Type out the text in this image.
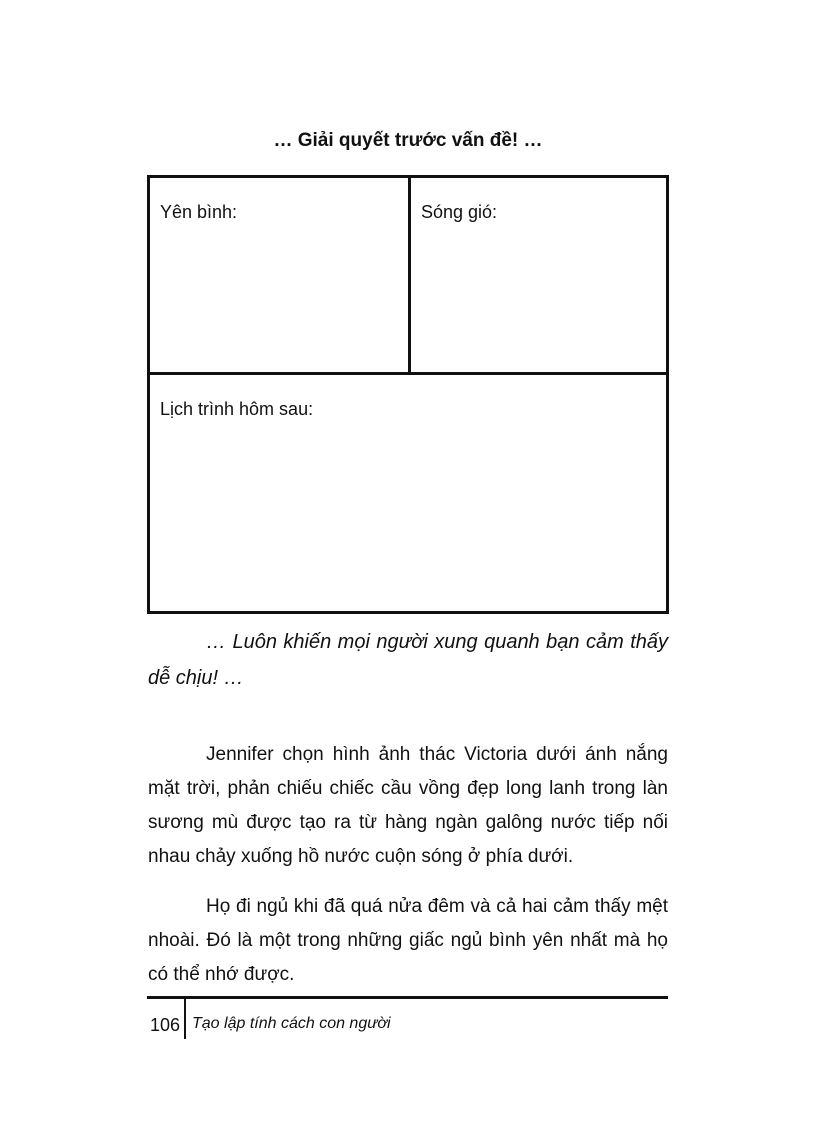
… Giải quyết trước vấn đề! …
Yên bình:	Sóng gió:
Lịch trình hôm sau:
… Luôn khiến mọi người xung quanh bạn cảm thấy dễ chịu! …

Jennifer chọn hình ảnh thác Victoria dưới ánh nắng mặt trời, phản chiếu chiếc cầu vồng đẹp long lanh trong làn sương mù được tạo ra từ hàng ngàn galông nước tiếp nối nhau chảy xuống hồ nước cuộn sóng ở phía dưới.

Họ đi ngủ khi đã quá nửa đêm và cả hai cảm thấy mệt nhoài. Đó là một trong những giấc ngủ bình yên nhất mà họ có thể nhớ được.

106 Tạo lập tính cách con người
